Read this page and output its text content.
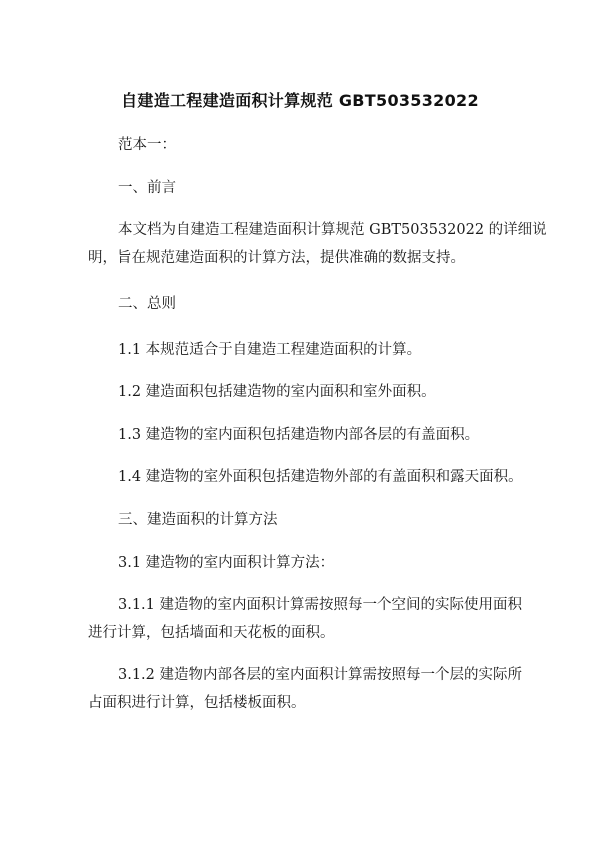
自建造工程建造面积计算规范 GBT503532022

范本一：

一、前言

本文档为自建造工程建造面积计算规范 GBT503532022 的详细说
明，旨在规范建造面积的计算方法，提供准确的数据支持。

二、总则

1.1 本规范适合于自建造工程建造面积的计算。

1.2 建造面积包括建造物的室内面积和室外面积。

1.3 建造物的室内面积包括建造物内部各层的有盖面积。

1.4 建造物的室外面积包括建造物外部的有盖面积和露天面积。

三、建造面积的计算方法

3.1 建造物的室内面积计算方法：

3.1.1 建造物的室内面积计算需按照每一个空间的实际使用面积
进行计算，包括墙面和天花板的面积。

3.1.2 建造物内部各层的室内面积计算需按照每一个层的实际所
占面积进行计算，包括楼板面积。
